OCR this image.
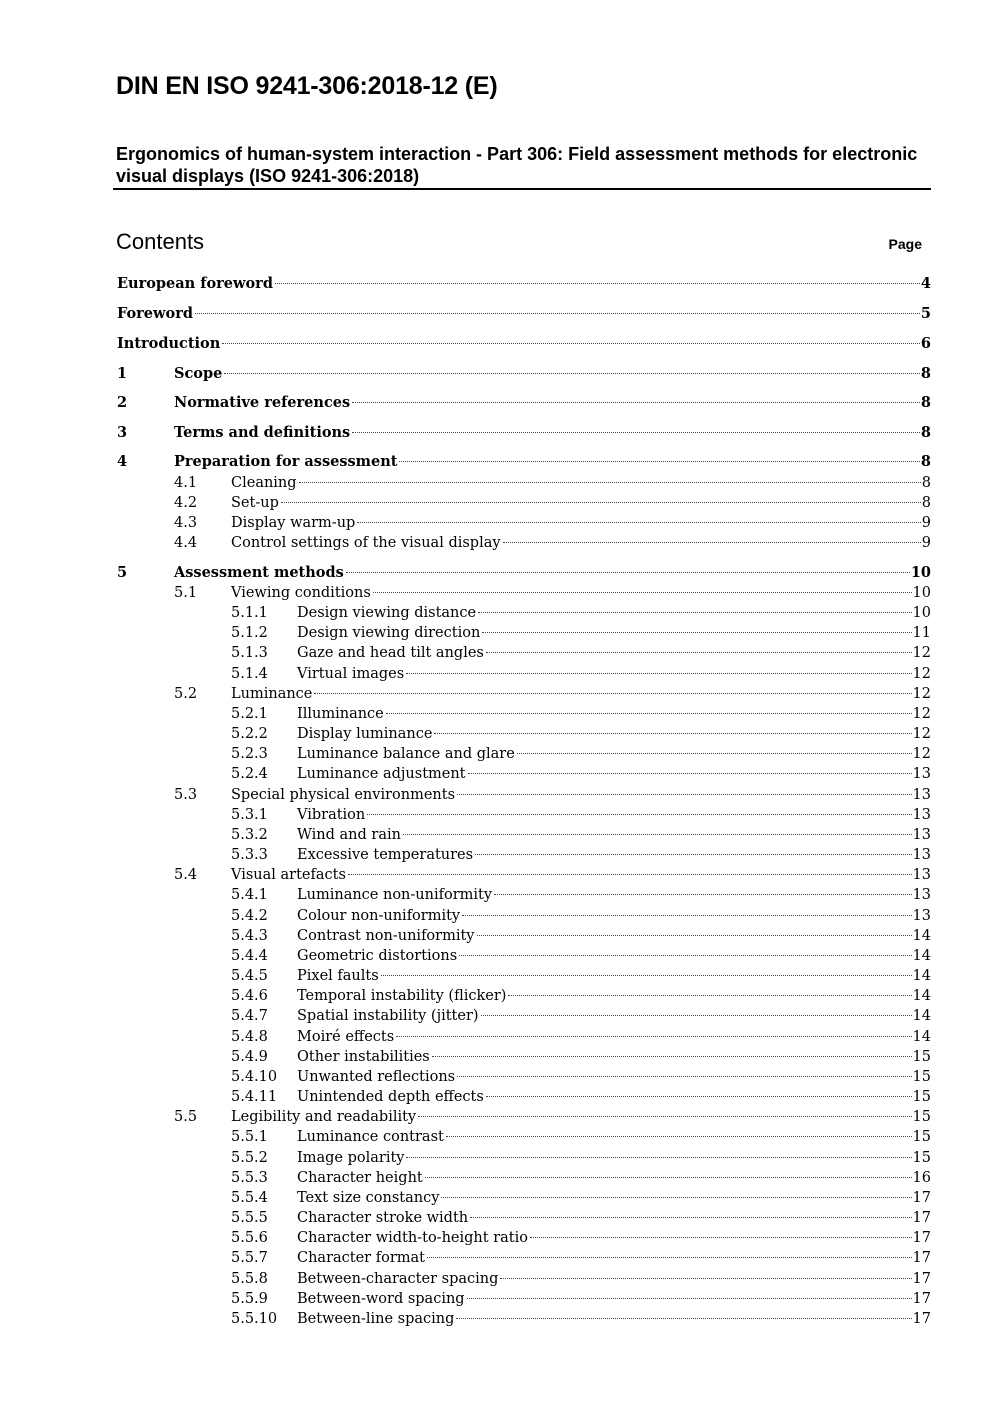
DIN EN ISO 9241-306:2018-12 (E)
Ergonomics of human-system interaction - Part 306: Field assessment methods for electronic visual displays (ISO 9241-306:2018)
Contents	Page
European foreword	4
Foreword	5
Introduction	6
1	Scope	8
2	Normative references	8
3	Terms and definitions	8
4	Preparation for assessment	8
4.1 Cleaning	8
4.2 Set-up	8
4.3 Display warm-up	9
4.4 Control settings of the visual display	9
5	Assessment methods	10
5.1 Viewing conditions	10
5.1.1 Design viewing distance	10
5.1.2 Design viewing direction	11
5.1.3 Gaze and head tilt angles	12
5.1.4 Virtual images	12
5.2 Luminance	12
5.2.1 Illuminance	12
5.2.2 Display luminance	12
5.2.3 Luminance balance and glare	12
5.2.4 Luminance adjustment	13
5.3 Special physical environments	13
5.3.1 Vibration	13
5.3.2 Wind and rain	13
5.3.3 Excessive temperatures	13
5.4 Visual artefacts	13
5.4.1 Luminance non-uniformity	13
5.4.2 Colour non-uniformity	13
5.4.3 Contrast non-uniformity	14
5.4.4 Geometric distortions	14
5.4.5 Pixel faults	14
5.4.6 Temporal instability (flicker)	14
5.4.7 Spatial instability (jitter)	14
5.4.8 Moiré effects	14
5.4.9 Other instabilities	15
5.4.10 Unwanted reflections	15
5.4.11 Unintended depth effects	15
5.5 Legibility and readability	15
5.5.1 Luminance contrast	15
5.5.2 Image polarity	15
5.5.3 Character height	16
5.5.4 Text size constancy	17
5.5.5 Character stroke width	17
5.5.6 Character width-to-height ratio	17
5.5.7 Character format	17
5.5.8 Between-character spacing	17
5.5.9 Between-word spacing	17
5.5.10 Between-line spacing	17
